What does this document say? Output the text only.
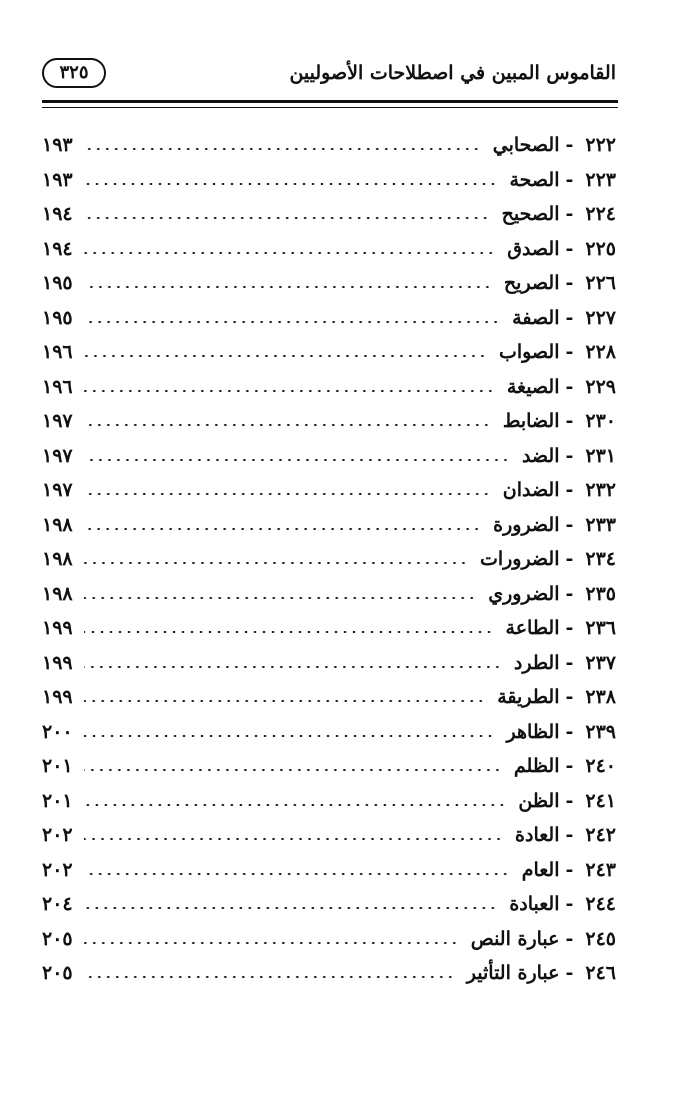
القاموس المبين في اصطلاحات الأصوليين
٣٢٥
١٩٣	الصحابي - ٢٢٢
١٩٣	الصحة - ٢٢٣
١٩٤	الصحيح - ٢٢٤
١٩٤	الصدق - ٢٢٥
١٩٥	الصريح - ٢٢٦
١٩٥	الصفة - ٢٢٧
١٩٦	الصواب - ٢٢٨
١٩٦	الصيغة - ٢٢٩
١٩٧	الضابط - ٢٣٠
١٩٧	الضد - ٢٣١
١٩٧	الضدان - ٢٣٢
١٩٨	الضرورة - ٢٣٣
١٩٨	الضرورات - ٢٣٤
١٩٨	الضروري - ٢٣٥
١٩٩	الطاعة - ٢٣٦
١٩٩	الطرد - ٢٣٧
١٩٩	الطريقة - ٢٣٨
٢٠٠	الظاهر - ٢٣٩
٢٠١	الظلم - ٢٤٠
٢٠١	الظن - ٢٤١
٢٠٢	العادة - ٢٤٢
٢٠٢	العام - ٢٤٣
٢٠٤	العبادة - ٢٤٤
٢٠٥	عبارة النص - ٢٤٥
٢٠٥	عبارة التأثير - ٢٤٦
